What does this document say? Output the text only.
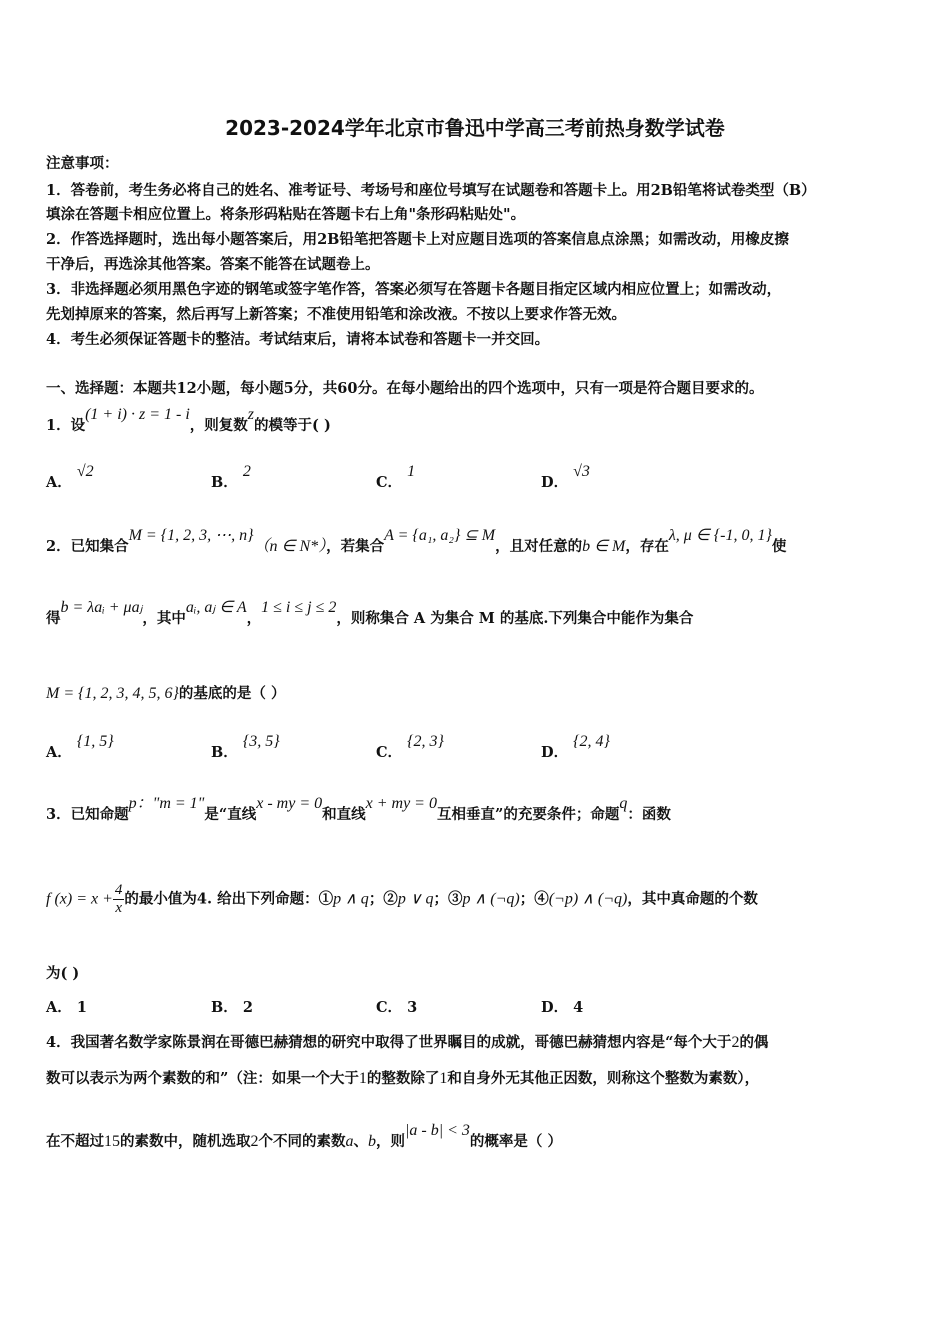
2023-2024学年北京市鲁迅中学高三考前热身数学试卷
注意事项：
1．答卷前，考生务必将自己的姓名、准考证号、考场号和座位号填写在试题卷和答题卡上。用2B铅笔将试卷类型（B）
填涂在答题卡相应位置上。将条形码粘贴在答题卡右上角"条形码粘贴处"。
2．作答选择题时，选出每小题答案后，用2B铅笔把答题卡上对应题目选项的答案信息点涂黑；如需改动，用橡皮擦
干净后，再选涂其他答案。答案不能答在试题卷上。
3．非选择题必须用黑色字迹的钢笔或签字笔作答，答案必须写在答题卡各题目指定区域内相应位置上；如需改动，
先划掉原来的答案，然后再写上新答案；不准使用铅笔和涂改液。不按以上要求作答无效。
4．考生必须保证答题卡的整洁。考试结束后，请将本试卷和答题卡一并交回。
一、选择题：本题共12小题，每小题5分，共60分。在每小题给出的四个选项中，只有一项是符合题目要求的。
1．设(1 + i) · z = 1 - i，则复数z的模等于( )
A． √2
B． 2
C． 1
D． √3
2．已知集合M = {1, 2, 3, ⋯, n}（n ∈ N*），若集合A = {a₁, a₂} ⊆ M，且对任意的b ∈ M，存在λ, μ ∈ {-1, 0, 1}使
得b = λaᵢ + μaⱼ，其中aᵢ, aⱼ ∈ A，1 ≤ i ≤ j ≤ 2，则称集合 A 为集合 M 的基底.下列集合中能作为集合
M = {1, 2, 3, 4, 5, 6}的基底的是（ ）
A． {1, 5}
B． {3, 5}
C． {2, 3}
D． {2, 4}
3．已知命题p："m = 1"是“直线x - my = 0和直线x + my = 0互相垂直”的充要条件；命题q：函数
f $(x) = x + \frac{4}{x}$ 的最小值为4. 给出下列命题：①p ∧ q；②p ∨ q；③p ∧ (¬q)；④(¬p) ∧ (¬q)，其中真命题的个数
为( )
A． 1	B． 2	C． 3	D． 4
4．我国著名数学家陈景润在哥德巴赫猜想的研究中取得了世界瞩目的成就，哥德巴赫猜想内容是“每个大于2的偶
数可以表示为两个素数的和”（注：如果一个大于1的整数除了1和自身外无其他正因数，则称这个整数为素数），
在不超过15的素数中，随机选取2个不同的素数a、b，则|a - b| < 3的概率是（ ）
